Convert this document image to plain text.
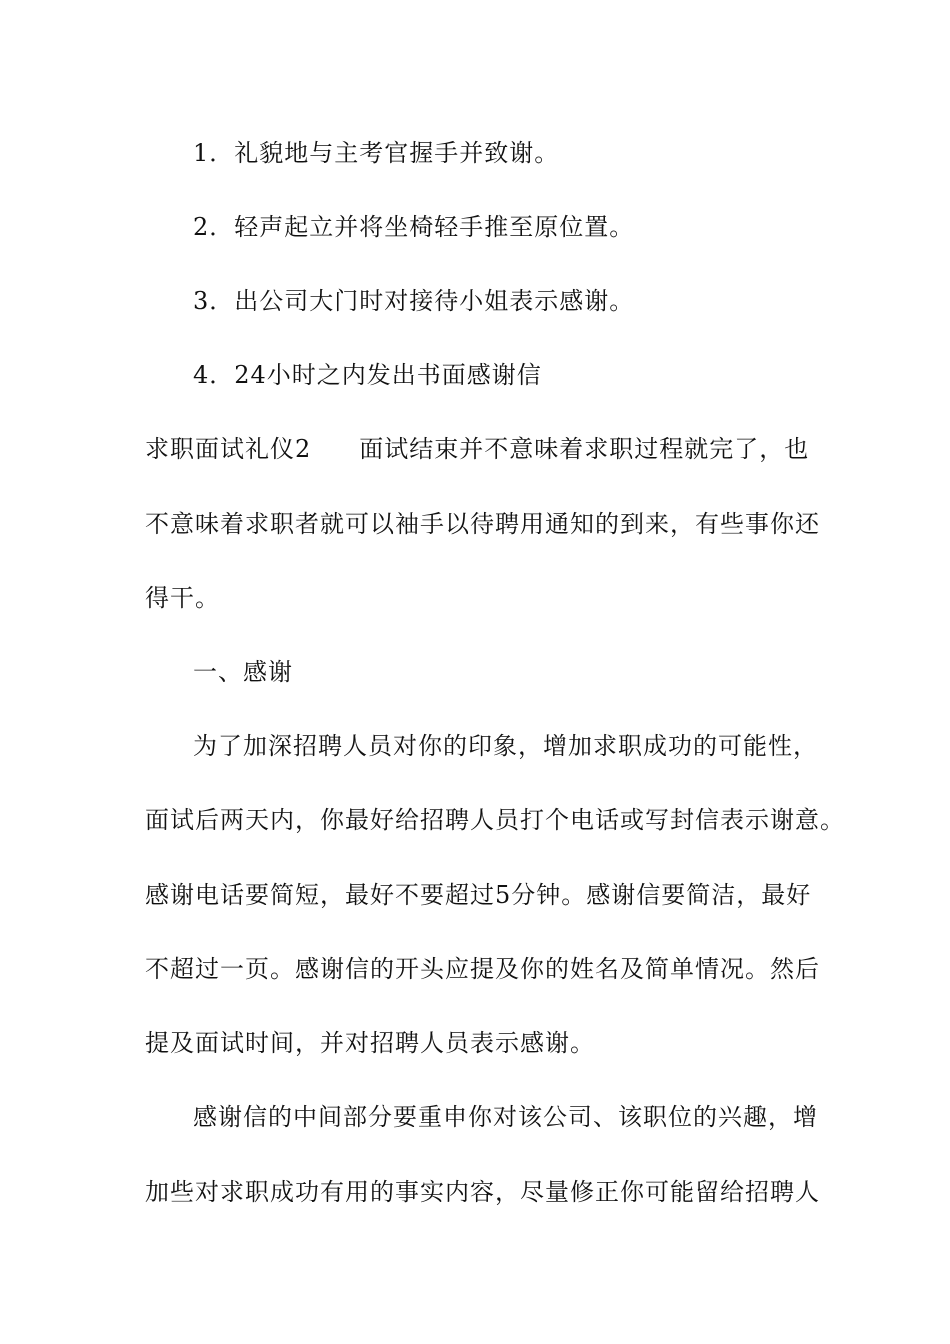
1．礼貌地与主考官握手并致谢。
2．轻声起立并将坐椅轻手推至原位置。
3．出公司大门时对接待小姐表示感谢。
4．24小时之内发出书面感谢信
求职面试礼仪2 面试结束并不意味着求职过程就完了，也
不意味着求职者就可以袖手以待聘用通知的到来，有些事你还
得干。
一、感谢
为了加深招聘人员对你的印象，增加求职成功的可能性，
面试后两天内，你最好给招聘人员打个电话或写封信表示谢意。
感谢电话要简短，最好不要超过5分钟。感谢信要简洁，最好
不超过一页。感谢信的开头应提及你的姓名及简单情况。然后
提及面试时间，并对招聘人员表示感谢。
感谢信的中间部分要重申你对该公司、该职位的兴趣，增
加些对求职成功有用的事实内容，尽量修正你可能留给招聘人
